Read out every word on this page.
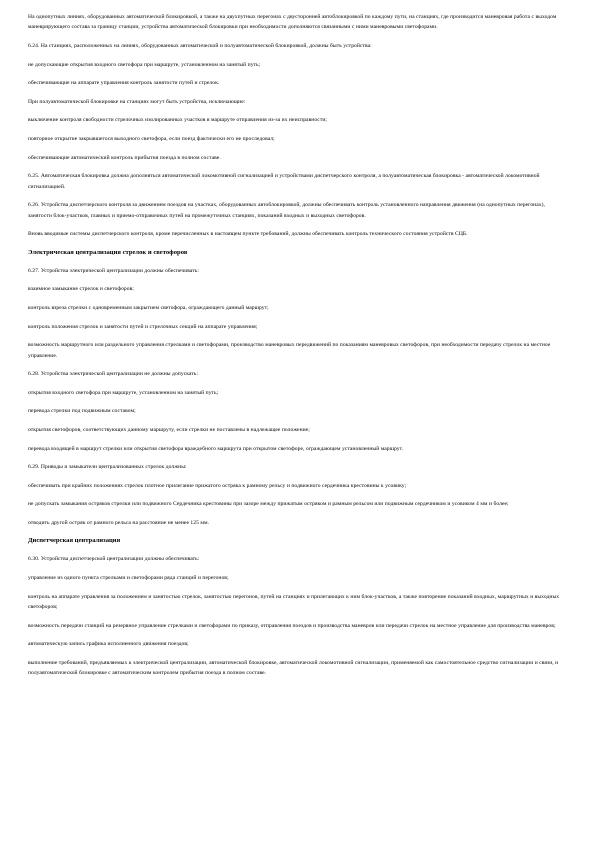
На однопутных линиях, оборудованных автоматической блокировкой, а также на двухпутных перегонах с двусторонней автоблокировкой по каждому пути, на станциях, где производится маневровая работа с выходом маневрирующего состава за границу станции, устройства автоматической блокировки при необходимости дополняются связанными с ними маневровыми светофорами.

6.24. На станциях, расположенных на линиях, оборудованных автоматической и полуавтоматической блокировкой, должны быть устройства:

не допускающие открытия входного светофора при маршруте, установленном на занятый путь;

обеспечивающие на аппарате управления контроль занятости путей и стрелок.

При полуавтоматической блокировке на станциях могут быть устройства, исключающие:

выключение контроля свободности стрелочных изолированных участков в маршруте отправления из-за их неисправности;

повторное открытие закрывшегося выходного светофора, если поезд фактически его не проследовал;

обеспечивающие автоматический контроль прибытия поезда в полном составе.

6.25. Автоматическая блокировка должна дополняться автоматической локомотивной сигнализацией и устройствами диспетчерского контроля, а полуавтоматическая блокировка - автоматической локомотивной сигнализацией.

6.26. Устройства диспетчерского контроля за движением поездов на участках, оборудованных автоблокировкой, должны обеспечивать контроль установленного направления движения (на однопутных перегонах), занятости блок-участков, главных и приемо-отправочных путей на промежуточных станциях, показаний входных и выходных светофоров.

Вновь вводимые системы диспетчерского контроля, кроме перечисленных в настоящем пункте требований, должны обеспечивать контроль технического состояния устройств СЦБ.

Электрическая централизация стрелок и светофоров

6.27. Устройства электрической централизации должны обеспечивать:

взаимное замыкание стрелок и светофоров;

контроль взреза стрелки с одновременным закрытием светофора, ограждающего данный маршрут;

контроль положения стрелок и занятости путей и стрелочных секций на аппарате управления;

возможность маршрутного или раздельного управления стрелками и светофорами, производство маневровых передвижений по показаниям маневровых светофоров, при необходимости передачу стрелок на местное управление.

6.28. Устройства электрической централизации не должны допускать:

открытия входного светофора при маршруте, установленном на занятый путь;

перевода стрелки под подвижным составом;

открытия светофоров, соответствующих данному маршруту, если стрелки не поставлены в надлежащее положение;

перевода входящей в маршрут стрелки или открытия светофора враждебного маршрута при открытом светофоре, ограждающем установленный маршрут.

6.29. Приводы и замыкатели централизованных стрелок должны:

обеспечивать при крайних положениях стрелок плотное прилегание прижатого остряка к рамному рельсу и подвижного сердечника крестовины к усовику;

не допускать замыкания остряков стрелки или подвижного Сердечника крестовины при зазоре между прижатым остряком и рамным рельсом или подвижным сердечником и усовиком 4 мм и более;

отводить другой остряк от рамного рельса на расстояние не менее 125 мм.

Диспетчерская централизация

6.30. Устройства диспетчерской централизации должны обеспечивать:

управление из одного пункта стрелками и светофорами ряда станций и перегонов;

контроль на аппарате управления за положением и занятостью стрелок, занятостью перегонов, путей на станциях и прилегающих к ним блок-участков, а также повторение показаний входных, маршрутных и выходных светофоров;

возможность передачи станций на резервное управление стрелками и светофорами по приказу, отправления поездов и производства маневров или передачи стрелок на местное управление для производства маневров;

автоматическую запись графика исполненного движения поездов;

выполнение требований, предъявляемых к электрической централизации, автоматической блокировке, автоматической локомотивной сигнализации, применяемой как самостоятельное средство сигнализации и связи, и полуавтоматической блокировке с автоматическим контролем прибытия поезда в полном составе.
